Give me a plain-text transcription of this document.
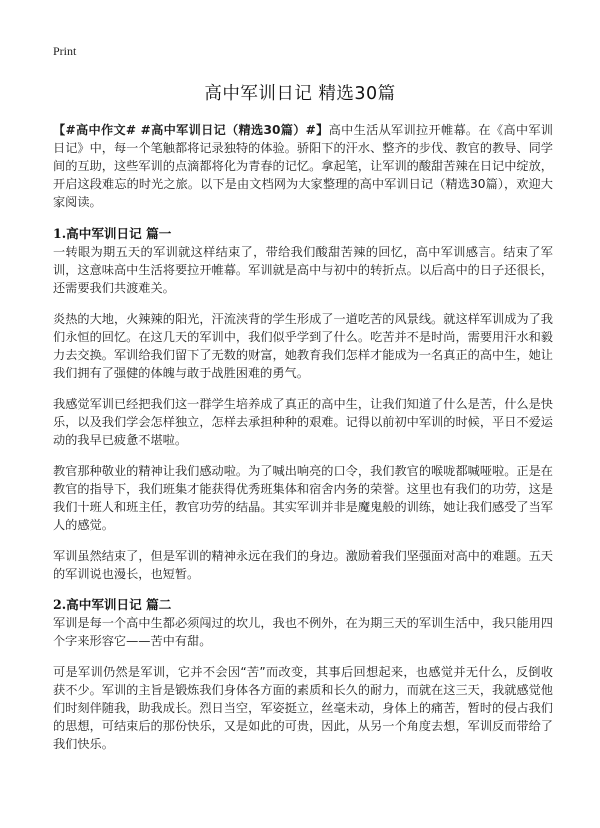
Print
高中军训日记 精选30篇

【#高中作文# #高中军训日记（精选30篇）#】高中生活从军训拉开帷幕。在《高中军训日记》中，每一个笔触都将记录独特的体验。骄阳下的汗水、整齐的步伐、教官的教导、同学间的互助，这些军训的点滴都将化为青春的记忆。拿起笔，让军训的酸甜苦辣在日记中绽放，开启这段难忘的时光之旅。以下是由文档网为大家整理的高中军训日记（精选30篇），欢迎大家阅读。

1.高中军训日记 篇一

一转眼为期五天的军训就这样结束了，带给我们酸甜苦辣的回忆，高中军训感言。结束了军训，这意味高中生活将要拉开帷幕。军训就是高中与初中的转折点。以后高中的日子还很长，还需要我们共渡难关。

炎热的大地，火辣辣的阳光，汗流浃背的学生形成了一道吃苦的风景线。就这样军训成为了我们永恒的回忆。在这几天的军训中，我们似乎学到了什么。吃苦并不是时尚，需要用汗水和毅力去交换。军训给我们留下了无数的财富，她教育我们怎样才能成为一名真正的高中生，她让我们拥有了强健的体魄与敢于战胜困难的勇气。

我感觉军训已经把我们这一群学生培养成了真正的高中生，让我们知道了什么是苦，什么是快乐，以及我们学会怎样独立，怎样去承担种种的艰难。记得以前初中军训的时候，平日不爱运动的我早已疲惫不堪啦。

教官那种敬业的精神让我们感动啦。为了喊出响亮的口令，我们教官的喉咙都喊哑啦。正是在教官的指导下，我们班集才能获得优秀班集体和宿舍内务的荣誉。这里也有我们的功劳，这是我们十班人和班主任，教官功劳的结晶。其实军训并非是魔鬼般的训练，她让我们感受了当军人的感觉。

军训虽然结束了，但是军训的精神永远在我们的身边。激励着我们坚强面对高中的难题。五天的军训说也漫长，也短暂。

2.高中军训日记 篇二

军训是每一个高中生都必须闯过的坎儿，我也不例外，在为期三天的军训生活中，我只能用四个字来形容它——苦中有甜。

可是军训仍然是军训，它并不会因“苦”而改变，其事后回想起来，也感觉并无什么，反倒收获不少。军训的主旨是锻炼我们身体各方面的素质和长久的耐力，而就在这三天，我就感觉他们时刻伴随我，助我成长。烈日当空，军姿挺立，丝毫未动，身体上的痛苦，暂时的侵占我们的思想，可结束后的那份快乐，又是如此的可贵，因此，从另一个角度去想，军训反而带给了我们快乐。
